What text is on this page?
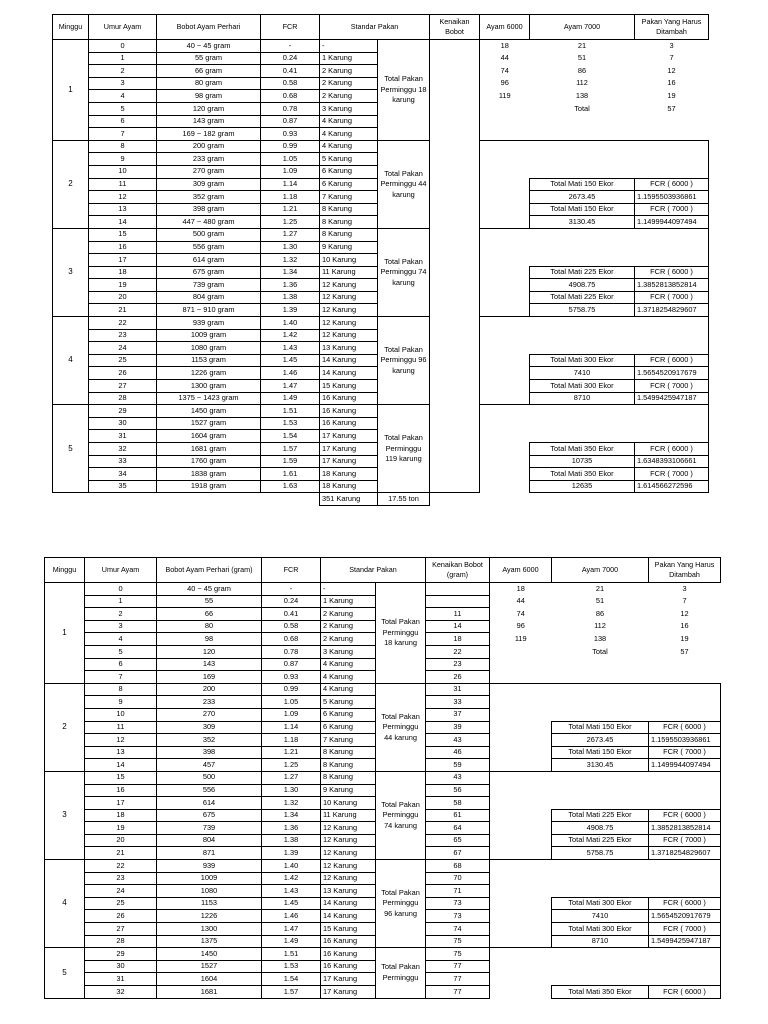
Minggu	Umur Ayam	Bobot Ayam Perhari	FCR	Standar Pakan		Kenaikan Bobot	Ayam 6000	Ayam 7000	Pakan Yang Harus Ditambah
1	0	40 ~ 45 gram	-	-	Total Pakan Perminggu 18 karung		18	21	3
	1	55 gram	0.24	1 Karung			44	51	7
	2	66 gram	0.41	2 Karung			74	86	12
	3	80 gram	0.58	2 Karung			96	112	16
	4	98 gram	0.68	2 Karung			119	138	19
	5	120 gram	0.78	3 Karung				Total	57
	6	143 gram	0.87	4 Karung					
	7	169 ~ 182 gram	0.93	4 Karung					
2	8	200 gram	0.99	4 Karung	Total Pakan Perminggu 44 karung				
	9	233 gram	1.05	5 Karung					
	10	270 gram	1.09	6 Karung					
	11	309 gram	1.14	6 Karung				Total Mati 150 Ekor	FCR ( 6000 )
	12	352 gram	1.18	7 Karung				2673.45	1.1595503936861
	13	398 gram	1.21	8 Karung				Total Mati 150 Ekor	FCR ( 7000 )
	14	447 ~ 480 gram	1.25	8 Karung				3130.45	1.1499944097494
3	15	500 gram	1.27	8 Karung	Total Pakan Perminggu 74 karung				
	16	556 gram	1.30	9 Karung					
	17	614 gram	1.32	10 Karung					
	18	675 gram	1.34	11 Karung				Total Mati 225 Ekor	FCR ( 6000 )
	19	739 gram	1.36	12 Karung				4908.75	1.3852813852814
	20	804 gram	1.38	12 Karung				Total Mati 225 Ekor	FCR ( 7000 )
	21	871 ~ 910 gram	1.39	12 Karung				5758.75	1.3718254829607
4	22	939 gram	1.40	12 Karung	Total Pakan Perminggu 96 karung				
	23	1009 gram	1.42	12 Karung					
	24	1080 gram	1.43	13 Karung					
	25	1153 gram	1.45	14 Karung				Total Mati 300 Ekor	FCR ( 6000 )
	26	1226 gram	1.46	14 Karung				7410	1.5654520917679
	27	1300 gram	1.47	15 Karung				Total Mati 300 Ekor	FCR ( 7000 )
	28	1375 ~ 1423 gram	1.49	16 Karung				8710	1.5499425947187
5	29	1450 gram	1.51	16 Karung	Total Pakan Perminggu 119 karung				
	30	1527 gram	1.53	16 Karung					
	31	1604 gram	1.54	17 Karung					
	32	1681 gram	1.57	17 Karung				Total Mati 350 Ekor	FCR ( 6000 )
	33	1760 gram	1.59	17 Karung				10735	1.6348393106661
	34	1838 gram	1.61	18 Karung				Total Mati 350 Ekor	FCR ( 7000 )
	35	1918 gram	1.63	18 Karung				12635	1.614566272596
				351 Karung	17.55 ton				
Minggu	Umur Ayam	Bobot Ayam Perhari (gram)	FCR	Standar Pakan		Kenaikan Bobot (gram)	Ayam 6000	Ayam 7000	Pakan Yang Harus Ditambah
1	0	40 ~ 45 gram	-	-	Total Pakan Perminggu 18 karung		18	21	3
	1	55	0.24	1 Karung			44	51	7
	2	66	0.41	2 Karung		11	74	86	12
	3	80	0.58	2 Karung		14	96	112	16
	4	98	0.68	2 Karung		18	119	138	19
	5	120	0.78	3 Karung		22		Total	57
	6	143	0.87	4 Karung		23			
	7	169	0.93	4 Karung		26			
2	8	200	0.99	4 Karung	Total Pakan Perminggu 44 karung	31			
	9	233	1.05	5 Karung		33			
	10	270	1.09	6 Karung		37			
	11	309	1.14	6 Karung		39		Total Mati 150 Ekor	FCR ( 6000 )
	12	352	1.18	7 Karung		43		2673.45	1.1595503936861
	13	398	1.21	8 Karung		46		Total Mati 150 Ekor	FCR ( 7000 )
	14	457	1.25	8 Karung		59		3130.45	1.1499944097494
3	15	500	1.27	8 Karung	Total Pakan Perminggu 74 karung	43			
	16	556	1.30	9 Karung		56			
	17	614	1.32	10 Karung		58			
	18	675	1.34	11 Karung		61		Total Mati 225 Ekor	FCR ( 6000 )
	19	739	1.36	12 Karung		64		4908.75	1.3852813852814
	20	804	1.38	12 Karung		65		Total Mati 225 Ekor	FCR ( 7000 )
	21	871	1.39	12 Karung		67		5758.75	1.3718254829607
4	22	939	1.40	12 Karung	Total Pakan Perminggu 96 karung	68			
	23	1009	1.42	12 Karung		70			
	24	1080	1.43	13 Karung		71			
	25	1153	1.45	14 Karung		73		Total Mati 300 Ekor	FCR ( 6000 )
	26	1226	1.46	14 Karung		73		7410	1.5654520917679
	27	1300	1.47	15 Karung		74		Total Mati 300 Ekor	FCR ( 7000 )
	28	1375	1.49	16 Karung		75		8710	1.5499425947187
5	29	1450	1.51	16 Karung	Total Pakan Perminggu	75			
	30	1527	1.53	16 Karung		77			
	31	1604	1.54	17 Karung		77			
	32	1681	1.57	17 Karung		77		Total Mati 350 Ekor	FCR ( 6000 )
